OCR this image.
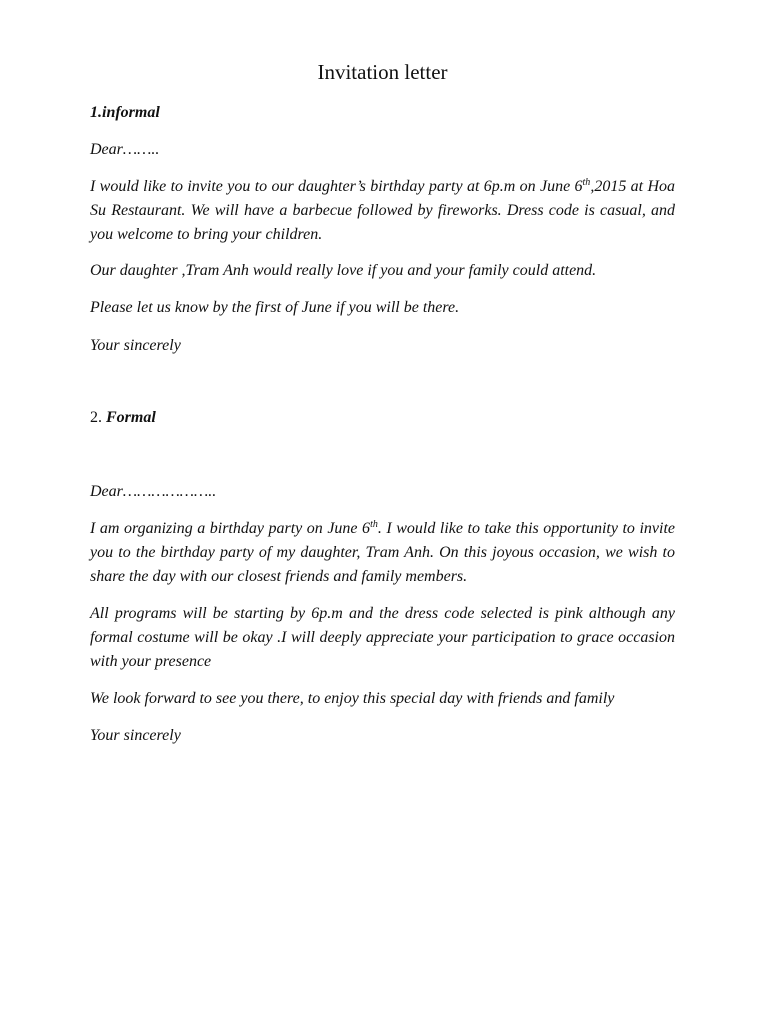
Invitation letter

1.informal

Dear……..

I would like to invite you to our daughter’s birthday party at 6p.m on June 6th,2015 at Hoa Su Restaurant. We will have a barbecue followed by fireworks. Dress code is casual, and you welcome to bring your children.

Our daughter ,Tram Anh would really love if you and your family could attend.

Please let us know by the first of June if you will be there.

Your sincerely

2. Formal

Dear………………..

I am organizing a birthday party on June 6th. I would like to take this opportunity to invite you to the birthday party of my daughter, Tram Anh. On this joyous occasion, we wish to share the day with our closest friends and family members.

All programs will be starting by 6p.m and the dress code selected is pink although any formal costume will be okay .I will deeply appreciate your participation to grace occasion with your presence

We look forward to see you there, to enjoy this special day with friends and family

Your sincerely
